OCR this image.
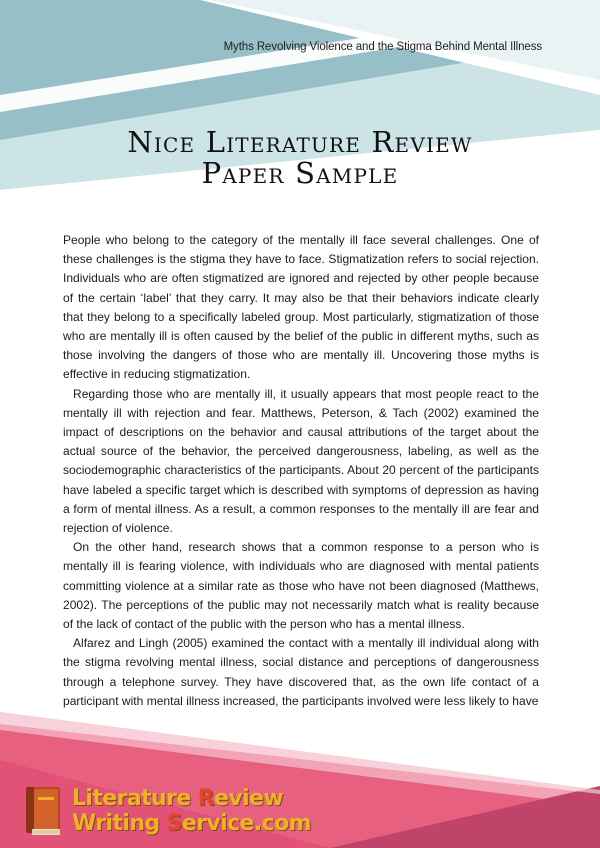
Myths Revolving Violence and the Stigma Behind Mental Illness
Nice Literature Review
Paper Sample

People who belong to the category of the mentally ill face several challenges. One of these challenges is the stigma they have to face. Stigmatization refers to social rejection. Individuals who are often stigmatized are ignored and rejected by other people because of the certain ‘label’ that they carry. It may also be that their behaviors indicate clearly that they belong to a specifically labeled group. Most particularly, stigmatization of those who are mentally ill is often caused by the belief of the public in different myths, such as those involving the dangers of those who are mentally ill. Uncovering those myths is effective in reducing stigmatization.

Regarding those who are mentally ill, it usually appears that most people react to the mentally ill with rejection and fear. Matthews, Peterson, & Tach (2002) examined the impact of descriptions on the behavior and causal attributions of the target about the actual source of the behavior, the perceived dangerousness, labeling, as well as the sociodemographic characteristics of the participants. About 20 percent of the participants have labeled a specific target which is described with symptoms of depression as having a form of mental illness. As a result, a common responses to the mentally ill are fear and rejection of violence.

On the other hand, research shows that a common response to a person who is mentally ill is fearing violence, with individuals who are diagnosed with mental patients committing violence at a similar rate as those who have not been diagnosed (Matthews, 2002). The perceptions of the public may not necessarily match what is reality because of the lack of contact of the public with the person who has a mental illness.

Alfarez and Lingh (2005) examined the contact with a mentally ill individual along with the stigma revolving mental illness, social distance and perceptions of dangerousness through a telephone survey. They have discovered that, as the own life contact of a participant with mental illness increased, the participants involved were less likely to have

Literature Review
Writing Service.com
